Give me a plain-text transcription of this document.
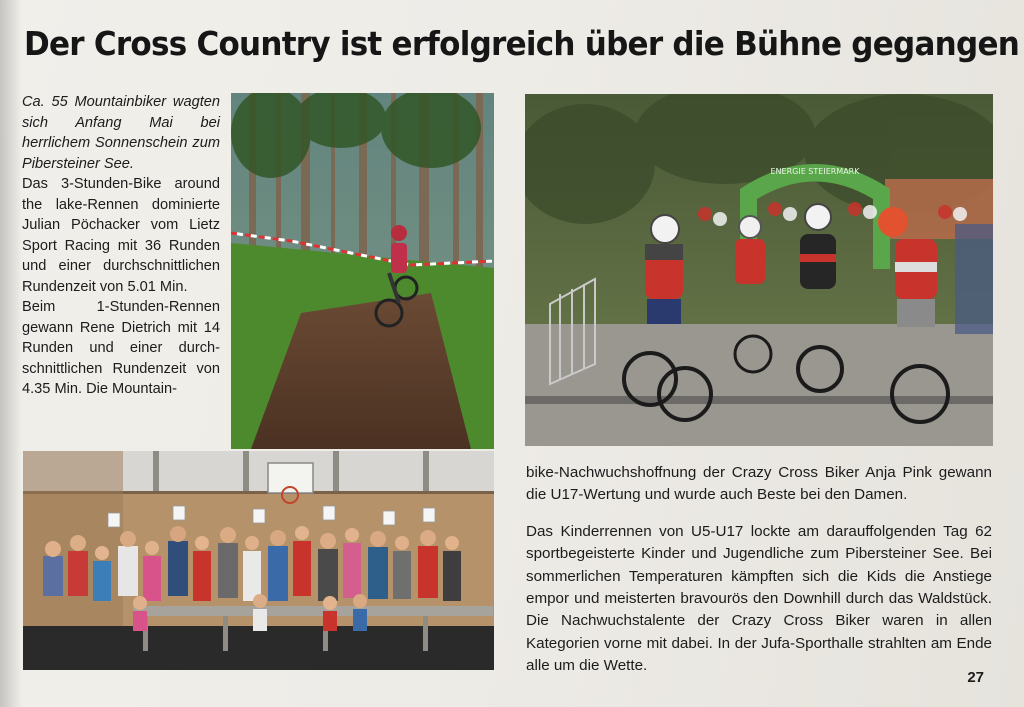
Der Cross Country ist erfolgreich über die Bühne gegangen

Ca. 55 Mountainbiker wagten sich Anfang Mai bei herrlichem Sonnenschein zum Pibersteiner See.

Das 3-Stunden-Bike around the lake-Rennen dominierte Julian Pöchacker vom Lietz Sport Racing mit 36 Runden und einer durchschnittlichen Rundenzeit von 5.01 Min.

Beim 1-Stunden-Rennen gewann Rene Dietrich mit 14 Runden und einer durchschnittlichen Rundenzeit von 4.35 Min. Die Mountain-

ENERGIE STEIERMARK

bike-Nachwuchshoffnung der Crazy Cross Biker Anja Pink gewann die U17-Wertung und wurde auch Beste bei den Damen.

Das Kinderrennen von U5-U17 lockte am darauffolgenden Tag 62 sportbegeisterte Kinder und Jugendliche zum Pibersteiner See. Bei sommerlichen Temperaturen kämpften sich die Kids die Anstiege empor und meisterten bravourös den Downhill durch das Waldstück. Die Nachwuchstalente der Crazy Cross Biker waren in allen Kategorien vorne mit dabei. In der Jufa-Sporthalle strahlten am Ende alle um die Wette.

27
